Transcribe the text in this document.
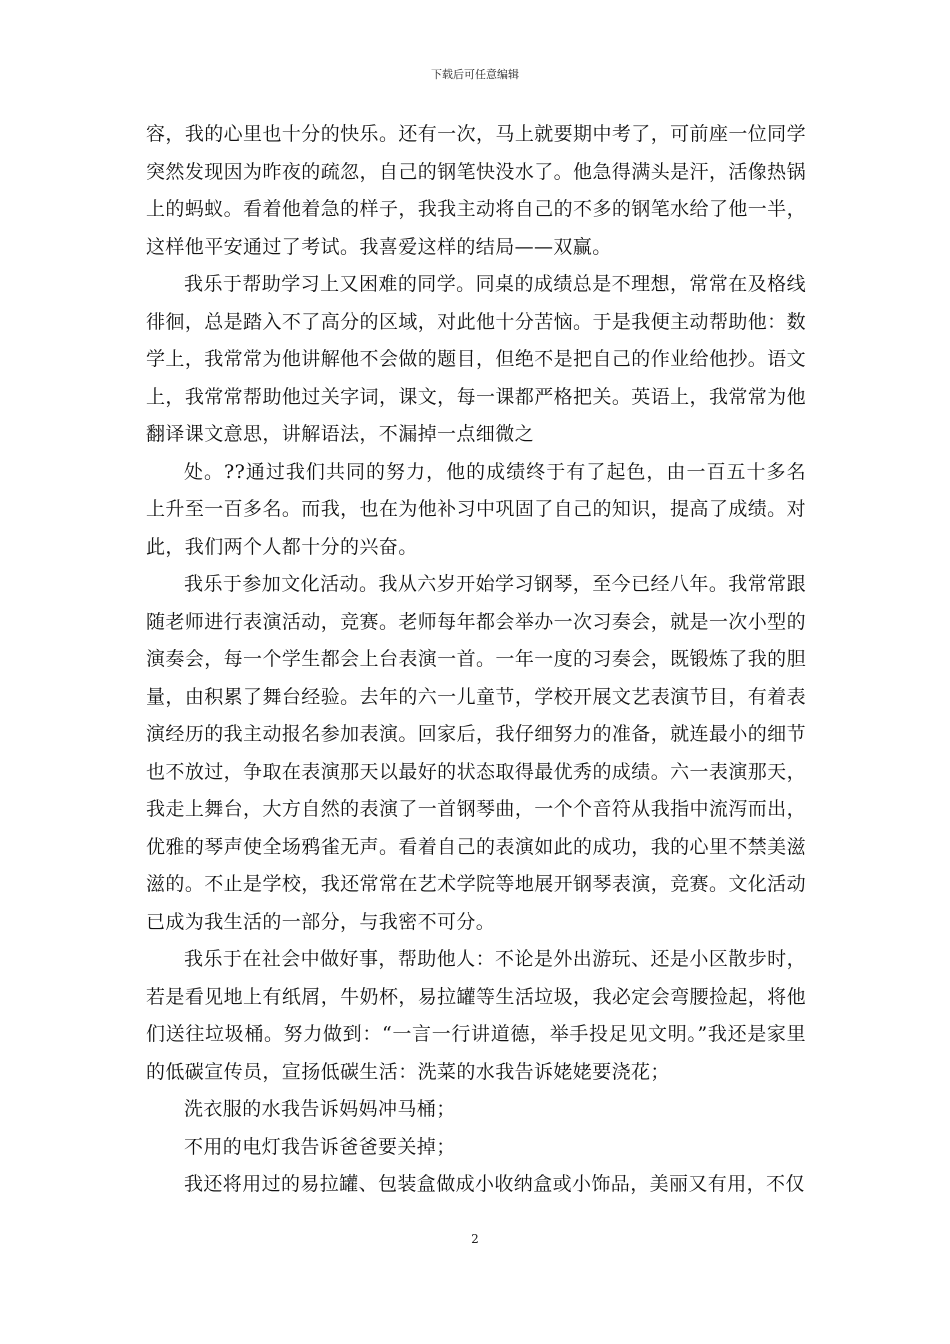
下载后可任意编辑

容，我的心里也十分的快乐。还有一次，马上就要期中考了，可前座一位同学突然发现因为昨夜的疏忽，自己的钢笔快没水了。他急得满头是汗，活像热锅上的蚂蚁。看着他着急的样子，我我主动将自己的不多的钢笔水给了他一半，这样他平安通过了考试。我喜爱这样的结局——双赢。

我乐于帮助学习上又困难的同学。同桌的成绩总是不理想，常常在及格线徘徊，总是踏入不了高分的区域，对此他十分苦恼。于是我便主动帮助他：数学上，我常常为他讲解他不会做的题目，但绝不是把自己的作业给他抄。语文上，我常常帮助他过关字词，课文，每一课都严格把关。英语上，我常常为他翻译课文意思，讲解语法，不漏掉一点细微之

处。??通过我们共同的努力，他的成绩终于有了起色，由一百五十多名上升至一百多名。而我，也在为他补习中巩固了自己的知识，提高了成绩。对此，我们两个人都十分的兴奋。

我乐于参加文化活动。我从六岁开始学习钢琴，至今已经八年。我常常跟随老师进行表演活动，竞赛。老师每年都会举办一次习奏会，就是一次小型的演奏会，每一个学生都会上台表演一首。一年一度的习奏会，既锻炼了我的胆量，由积累了舞台经验。去年的六一儿童节，学校开展文艺表演节目，有着表演经历的我主动报名参加表演。回家后，我仔细努力的准备，就连最小的细节也不放过，争取在表演那天以最好的状态取得最优秀的成绩。六一表演那天，我走上舞台，大方自然的表演了一首钢琴曲，一个个音符从我指中流泻而出，优雅的琴声使全场鸦雀无声。看着自己的表演如此的成功，我的心里不禁美滋滋的。不止是学校，我还常常在艺术学院等地展开钢琴表演，竞赛。文化活动已成为我生活的一部分，与我密不可分。

我乐于在社会中做好事，帮助他人：不论是外出游玩、还是小区散步时，若是看见地上有纸屑，牛奶杯，易拉罐等生活垃圾，我必定会弯腰捡起，将他们送往垃圾桶。努力做到：“一言一行讲道德，举手投足见文明。”我还是家里的低碳宣传员，宣扬低碳生活：洗菜的水我告诉姥姥要浇花；

洗衣服的水我告诉妈妈冲马桶；

不用的电灯我告诉爸爸要关掉；

我还将用过的易拉罐、包装盒做成小收纳盒或小饰品，美丽又有用，不仅

2
